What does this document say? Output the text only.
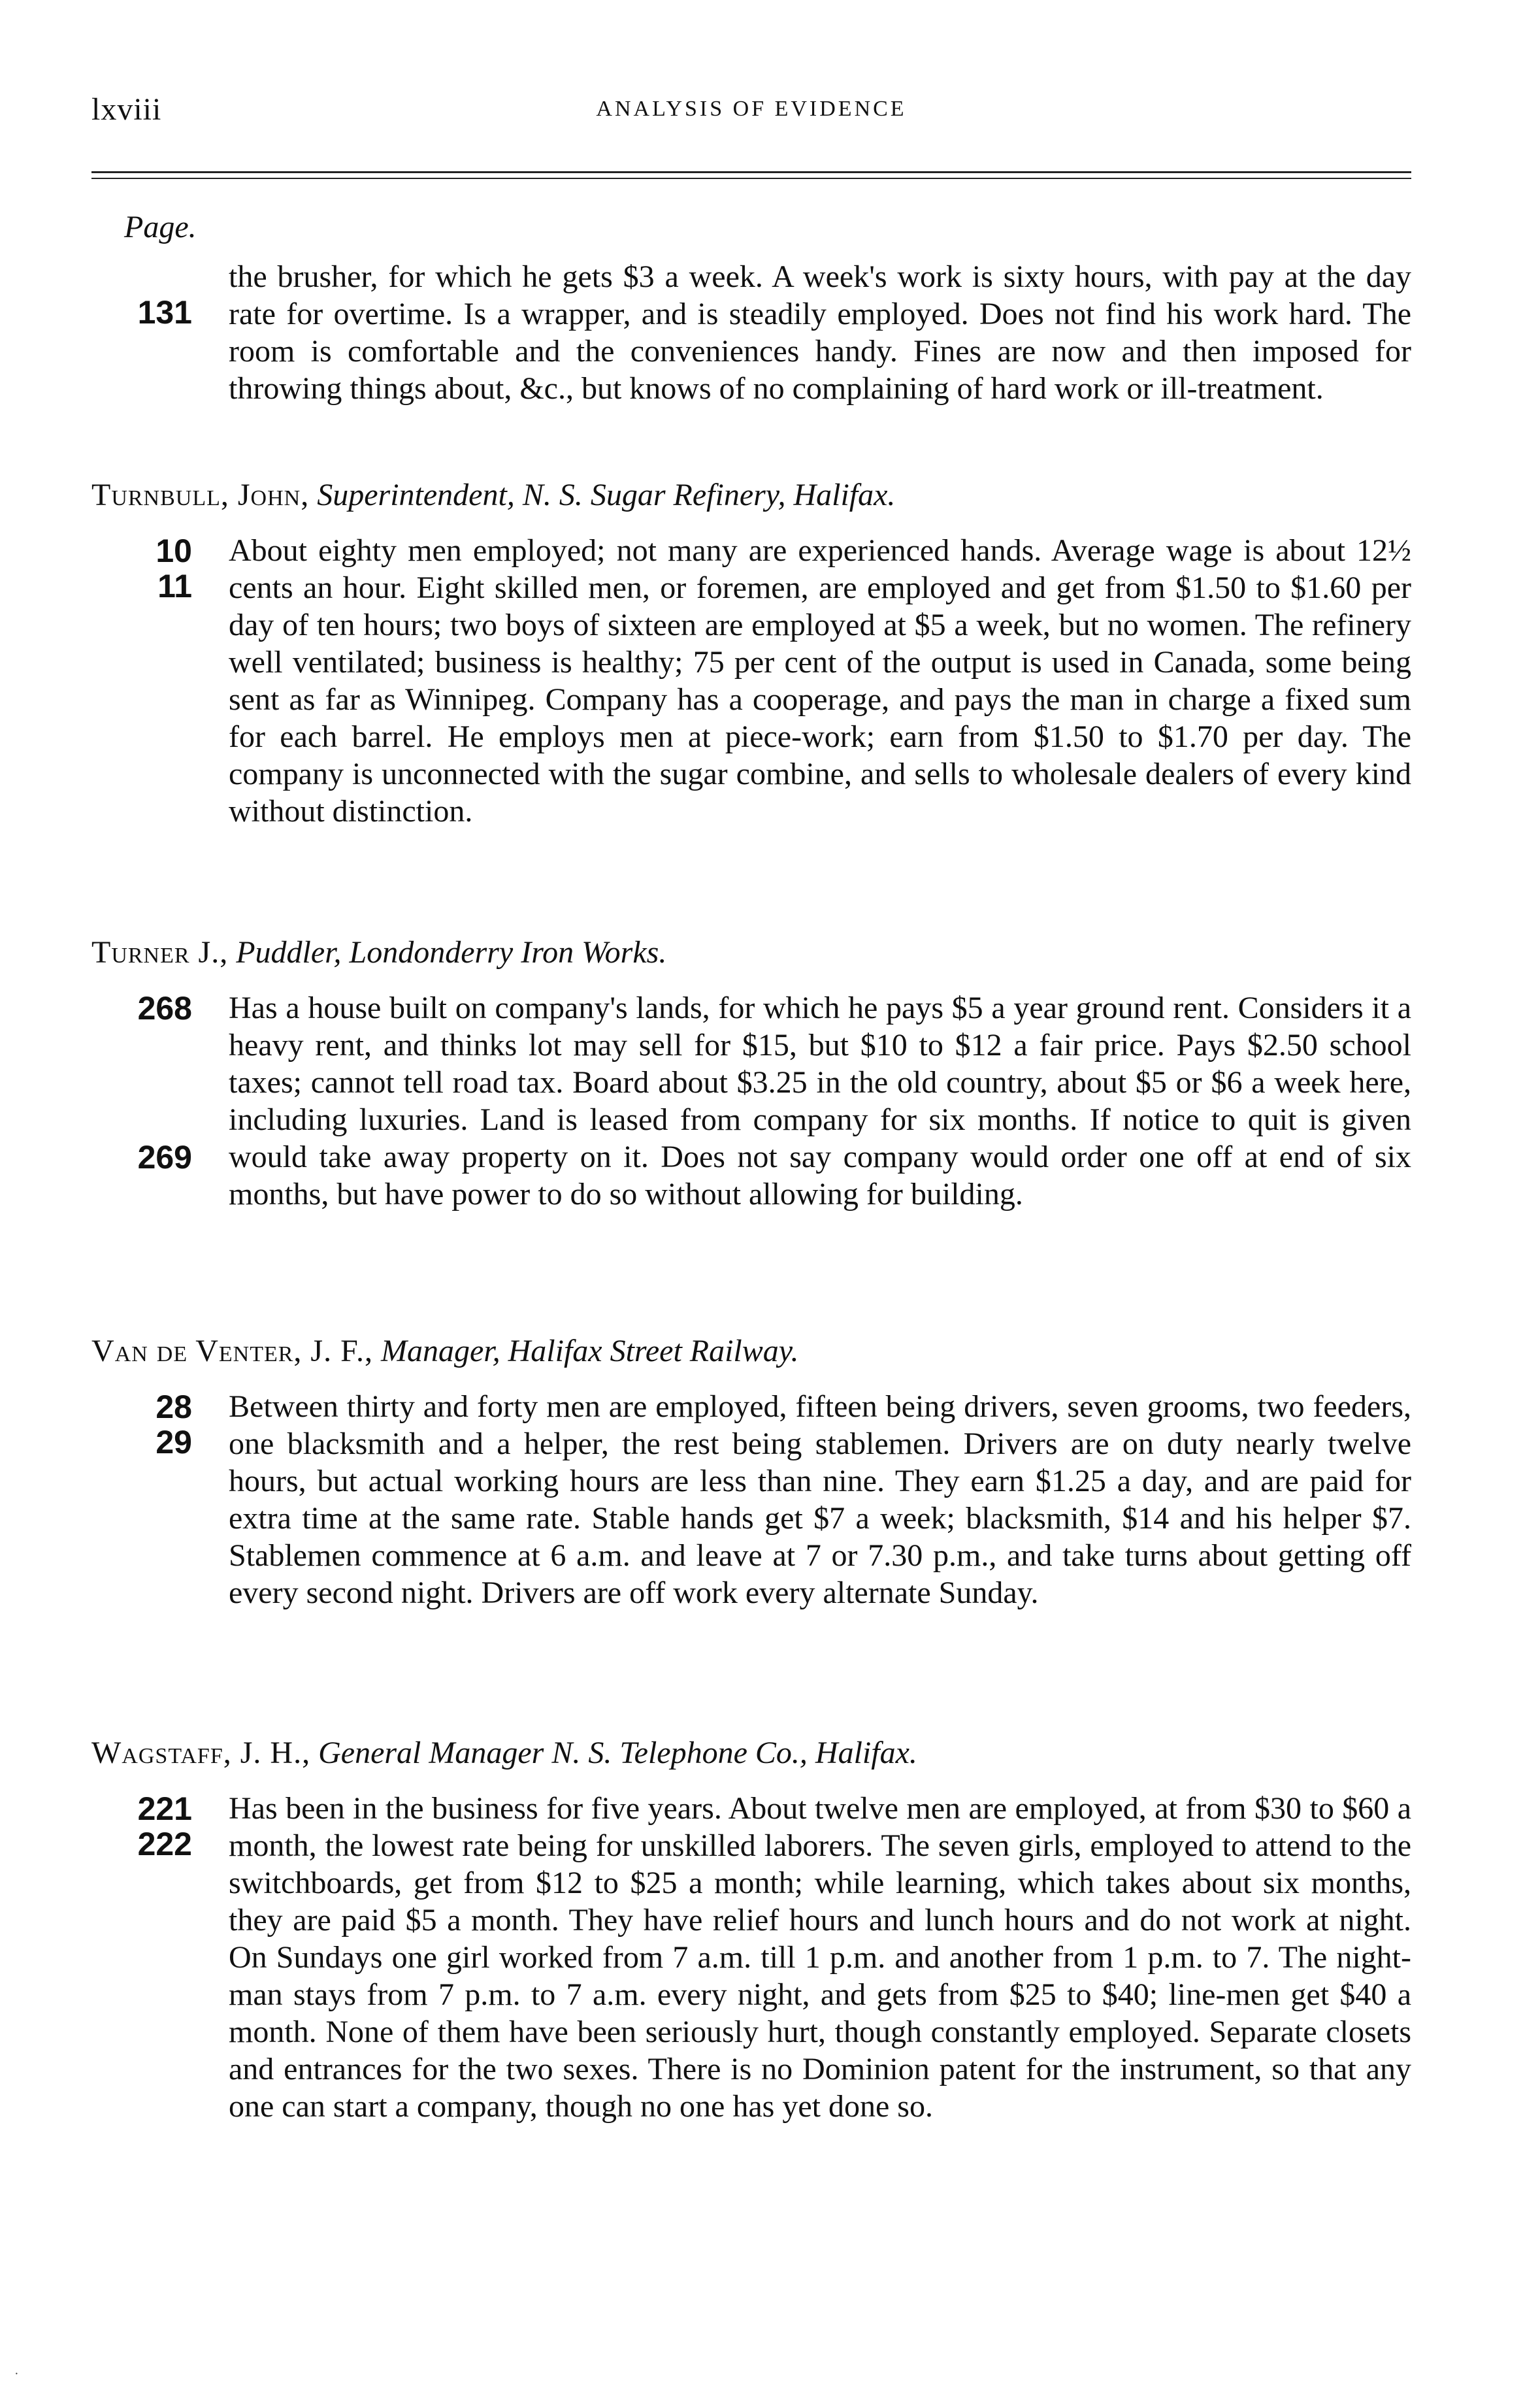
lxviii	ANALYSIS OF EVIDENCE
Page.
131

the brusher, for which he gets $3 a week. A week's work is sixty hours, with pay at the day rate for overtime. Is a wrapper, and is steadily employed. Does not find his work hard. The room is comfortable and the conveniences handy. Fines are now and then imposed for throwing things about, &c., but knows of no complaining of hard work or ill-treatment.

Turnbull, John, Superintendent, N. S. Sugar Refinery, Halifax.
10
11

About eighty men employed; not many are experienced hands. Average wage is about 12½ cents an hour. Eight skilled men, or foremen, are employed and get from $1.50 to $1.60 per day of ten hours; two boys of sixteen are employed at $5 a week, but no women. The refinery well ventilated; business is healthy; 75 per cent of the output is used in Canada, some being sent as far as Winnipeg. Company has a cooperage, and pays the man in charge a fixed sum for each barrel. He employs men at piece-work; earn from $1.50 to $1.70 per day. The company is unconnected with the sugar combine, and sells to wholesale dealers of every kind without distinction.

Turner J., Puddler, Londonderry Iron Works.
268
269

Has a house built on company's lands, for which he pays $5 a year ground rent. Considers it a heavy rent, and thinks lot may sell for $15, but $10 to $12 a fair price. Pays $2.50 school taxes; cannot tell road tax. Board about $3.25 in the old country, about $5 or $6 a week here, including luxuries. Land is leased from company for six months. If notice to quit is given would take away property on it. Does not say company would order one off at end of six months, but have power to do so without allowing for building.

Van de Venter, J. F., Manager, Halifax Street Railway.
28
29

Between thirty and forty men are employed, fifteen being drivers, seven grooms, two feeders, one blacksmith and a helper, the rest being stablemen. Drivers are on duty nearly twelve hours, but actual working hours are less than nine. They earn $1.25 a day, and are paid for extra time at the same rate. Stable hands get $7 a week; blacksmith, $14 and his helper $7. Stablemen commence at 6 a.m. and leave at 7 or 7.30 p.m., and take turns about getting off every second night. Drivers are off work every alternate Sunday.

Wagstaff, J. H., General Manager N. S. Telephone Co., Halifax.
221
222

Has been in the business for five years. About twelve men are employed, at from $30 to $60 a month, the lowest rate being for unskilled laborers. The seven girls, employed to attend to the switchboards, get from $12 to $25 a month; while learning, which takes about six months, they are paid $5 a month. They have relief hours and lunch hours and do not work at night. On Sundays one girl worked from 7 a.m. till 1 p.m. and another from 1 p.m. to 7. The night-man stays from 7 p.m. to 7 a.m. every night, and gets from $25 to $40; line-men get $40 a month. None of them have been seriously hurt, though constantly employed. Separate closets and entrances for the two sexes. There is no Dominion patent for the instrument, so that any one can start a company, though no one has yet done so.

·
